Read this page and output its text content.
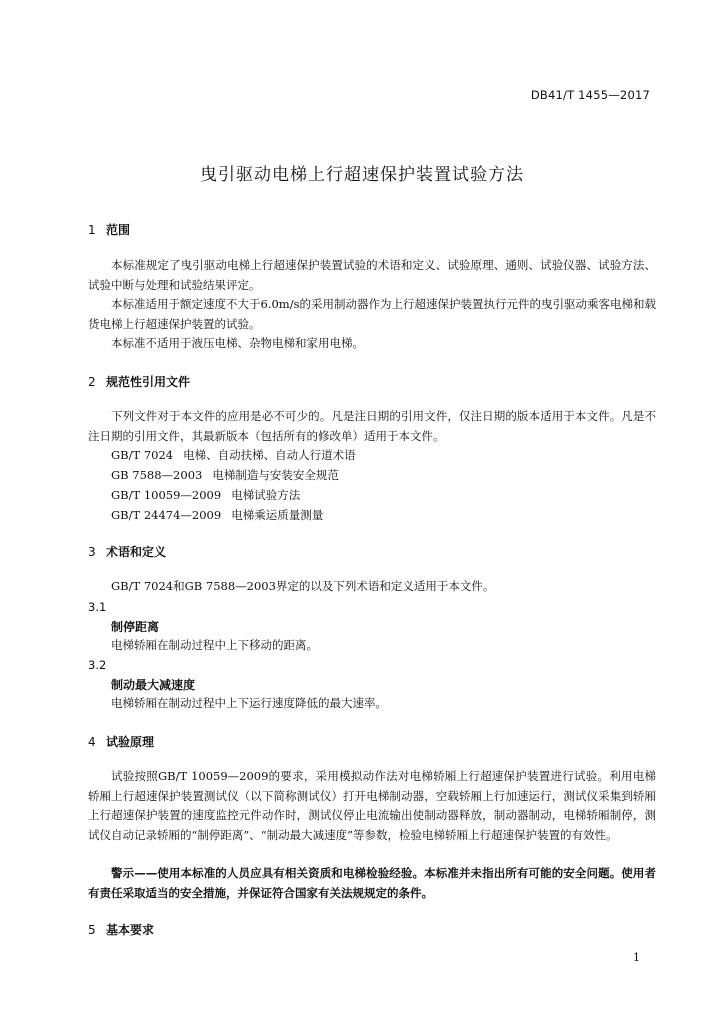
DB41/T 1455—2017
曳引驱动电梯上行超速保护装置试验方法
1 范围
本标准规定了曳引驱动电梯上行超速保护装置试验的术语和定义、试验原理、通则、试验仪器、试验方法、试验中断与处理和试验结果评定。
本标准适用于额定速度不大于6.0m/s的采用制动器作为上行超速保护装置执行元件的曳引驱动乘客电梯和载货电梯上行超速保护装置的试验。
本标准不适用于液压电梯、杂物电梯和家用电梯。
2 规范性引用文件
下列文件对于本文件的应用是必不可少的。凡是注日期的引用文件，仅注日期的版本适用于本文件。凡是不注日期的引用文件，其最新版本（包括所有的修改单）适用于本文件。
GB/T 7024 电梯、自动扶梯、自动人行道术语
GB 7588—2003 电梯制造与安装安全规范
GB/T 10059—2009 电梯试验方法
GB/T 24474—2009 电梯乘运质量测量
3 术语和定义
GB/T 7024和GB 7588—2003界定的以及下列术语和定义适用于本文件。
3.1
制停距离
电梯轿厢在制动过程中上下移动的距离。
3.2
制动最大减速度
电梯轿厢在制动过程中上下运行速度降低的最大速率。
4 试验原理
试验按照GB/T 10059—2009的要求，采用模拟动作法对电梯轿厢上行超速保护装置进行试验。利用电梯轿厢上行超速保护装置测试仪（以下简称测试仪）打开电梯制动器，空载轿厢上行加速运行，测试仪采集到轿厢上行超速保护装置的速度监控元件动作时，测试仪停止电流输出使制动器释放，制动器制动，电梯轿厢制停，测试仪自动记录轿厢的“制停距离”、“制动最大减速度”等参数，检验电梯轿厢上行超速保护装置的有效性。
警示——使用本标准的人员应具有相关资质和电梯检验经验。本标准并未指出所有可能的安全问题。使用者有责任采取适当的安全措施，并保证符合国家有关法规规定的条件。
5 基本要求
1
